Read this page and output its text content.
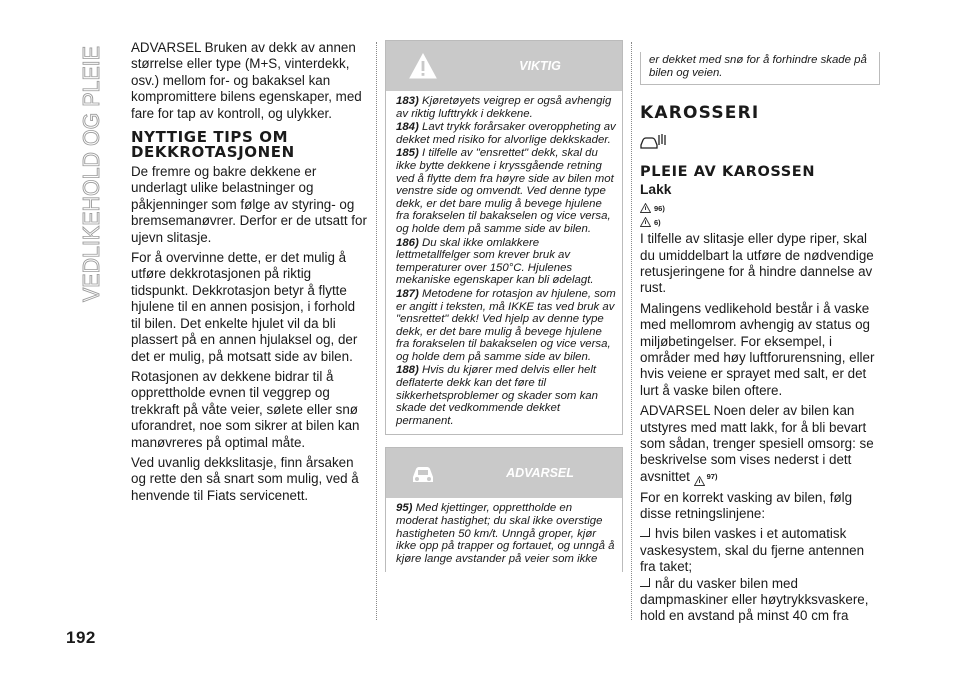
VEDLIKEHOLD OG PLEIE
192

ADVARSEL Bruken av dekk av annen størrelse eller type (M+S, vinterdekk, osv.) mellom for- og bakaksel kan kompromittere bilens egenskaper, med fare for tap av kontroll, og ulykker.

NYTTIGE TIPS OM DEKKROTASJONEN

De fremre og bakre dekkene er underlagt ulike belastninger og påkjenninger som følge av styring- og bremsemanøvrer. Derfor er de utsatt for ujevn slitasje.

For å overvinne dette, er det mulig å utføre dekkrotasjonen på riktig tidspunkt. Dekkrotasjon betyr å flytte hjulene til en annen posisjon, i forhold til bilen. Det enkelte hjulet vil da bli plassert på en annen hjulaksel og, der det er mulig, på motsatt side av bilen.

Rotasjonen av dekkene bidrar til å opprettholde evnen til veggrep og trekkraft på våte veier, sølete eller snø uforandret, noe som sikrer at bilen kan manøvreres på optimal måte.

Ved uvanlig dekkslitasje, finn årsaken og rette den så snart som mulig, ved å henvende til Fiats servicenett.

VIKTIG

183) Kjøretøyets veigrep er også avhengig av riktig lufttrykk i dekkene.

184) Lavt trykk forårsaker overoppheting av dekket med risiko for alvorlige dekkskader.

185) I tilfelle av "ensrettet" dekk, skal du ikke bytte dekkene i kryssgående retning ved å flytte dem fra høyre side av bilen mot venstre side og omvendt. Ved denne type dekk, er det bare mulig å bevege hjulene fra forakselen til bakakselen og vice versa, og holde dem på samme side av bilen.

186) Du skal ikke omlakkere lettmetallfelger som krever bruk av temperaturer over 150°C. Hjulenes mekaniske egenskaper kan bli ødelagt.

187) Metodene for rotasjon av hjulene, som er angitt i teksten, må IKKE tas ved bruk av "ensrettet" dekk! Ved hjelp av denne type dekk, er det bare mulig å bevege hjulene fra forakselen til bakakselen og vice versa, og holde dem på samme side av bilen.

188) Hvis du kjører med delvis eller helt deflaterte dekk kan det føre til sikkerhetsproblemer og skader som kan skade det vedkommende dekket permanent.

ADVARSEL

95) Med kjettinger, opprettholde en moderat hastighet; du skal ikke overstige hastigheten 50 km/t. Unngå groper, kjør ikke opp på trapper og fortauet, og unngå å kjøre lange avstander på veier som ikke

er dekket med snø for å forhindre skade på bilen og veien.

KAROSSERI
PLEIE AV KAROSSEN
Lakk
96)
6)

I tilfelle av slitasje eller dype riper, skal du umiddelbart la utføre de nødvendige retusjeringene for å hindre dannelse av rust.

Malingens vedlikehold består i å vaske med mellomrom avhengig av status og miljøbetingelser. For eksempel, i områder med høy luftforurensning, eller hvis veiene er sprayet med salt, er det lurt å vaske bilen oftere.

ADVARSEL Noen deler av bilen kan utstyres med matt lakk, for å bli bevart som sådan, trenger spesiell omsorg: se beskrivelse som vises nederst i dett avsnittet 97)

For en korrekt vasking av bilen, følg disse retningslinjene:

hvis bilen vaskes i et automatisk vaskesystem, skal du fjerne antennen fra taket;

når du vasker bilen med dampmaskiner eller høytrykksvaskere, hold en avstand på minst 40 cm fra
